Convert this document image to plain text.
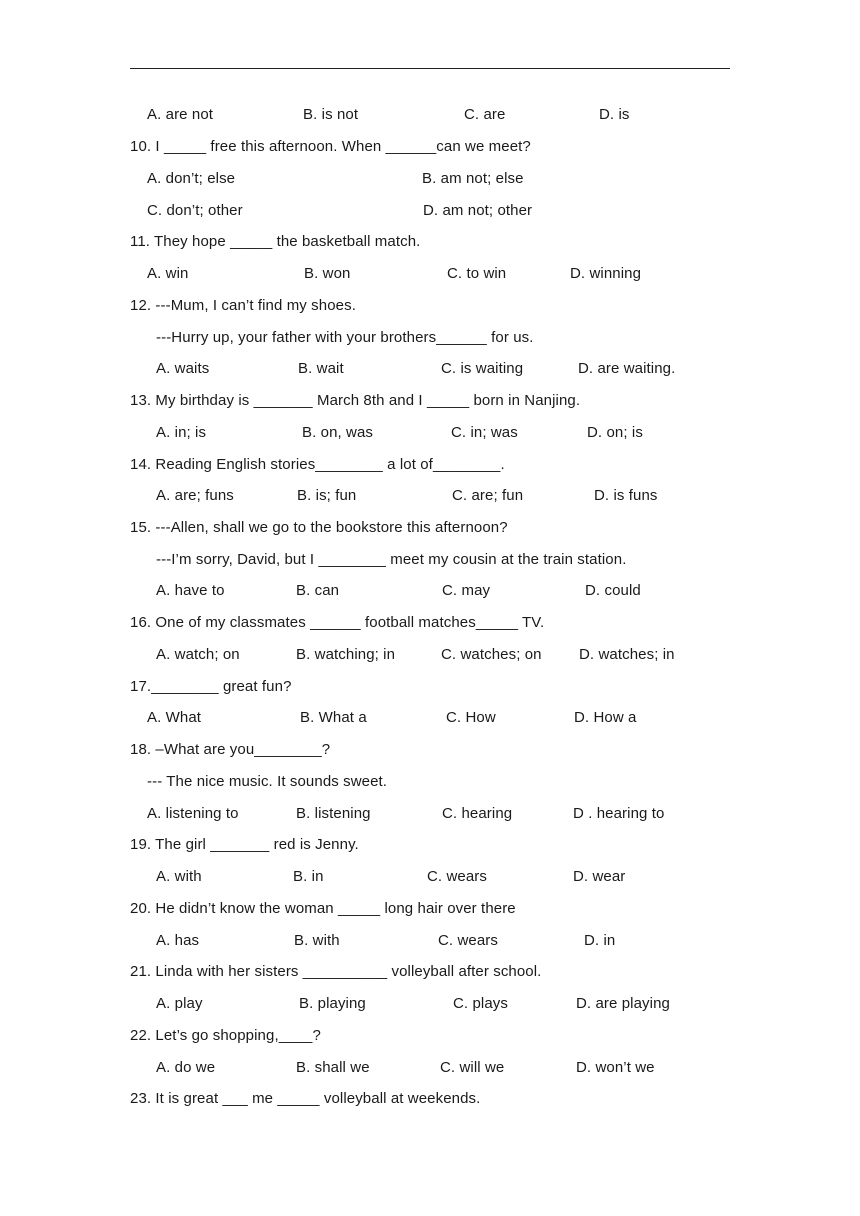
A. are not	B. is not	C. are	D. is
10. I _____ free this afternoon. When ______can we meet?
A. don’t; else	B. am not; else
C. don’t; other	D. am not; other
11. They hope _____ the basketball match.
A. win	B. won	C. to win	D. winning
12. ---Mum, I can’t find my shoes.
---Hurry up, your father with your brothers______ for us.
A. waits	B. wait	C. is waiting	D. are waiting.
13. My birthday is _______ March 8th and I _____ born in Nanjing.
A. in; is	B. on, was	C. in; was	D. on; is
14. Reading English stories________ a lot of________.
A. are; funs	B. is; fun	C. are; fun	D. is funs
15. ---Allen, shall we go to the bookstore this afternoon?
---I’m sorry, David, but I ________ meet my cousin at the train station.
A. have to	B. can	C. may	D. could
16. One of my classmates ______ football matches_____ TV.
A. watch; on	B. watching; in	C. watches; on D. watches; in
17.________ great fun?
A. What	B. What a	C. How	D. How a
18. –What are you________?
--- The nice music. It sounds sweet.
A. listening to	B. listening	C. hearing	D . hearing to
19. The girl _______ red is Jenny.
A. with	B. in	C. wears	D. wear
20. He didn’t know the woman _____ long hair over there
A. has	B. with	C. wears	D. in
21. Linda with her sisters __________ volleyball after school.
A. play	B. playing	C. plays	D. are playing
22. Let’s go shopping,____?
A. do we	B. shall we	C. will we	D. won’t we
23. It is great ___ me _____ volleyball at weekends.
